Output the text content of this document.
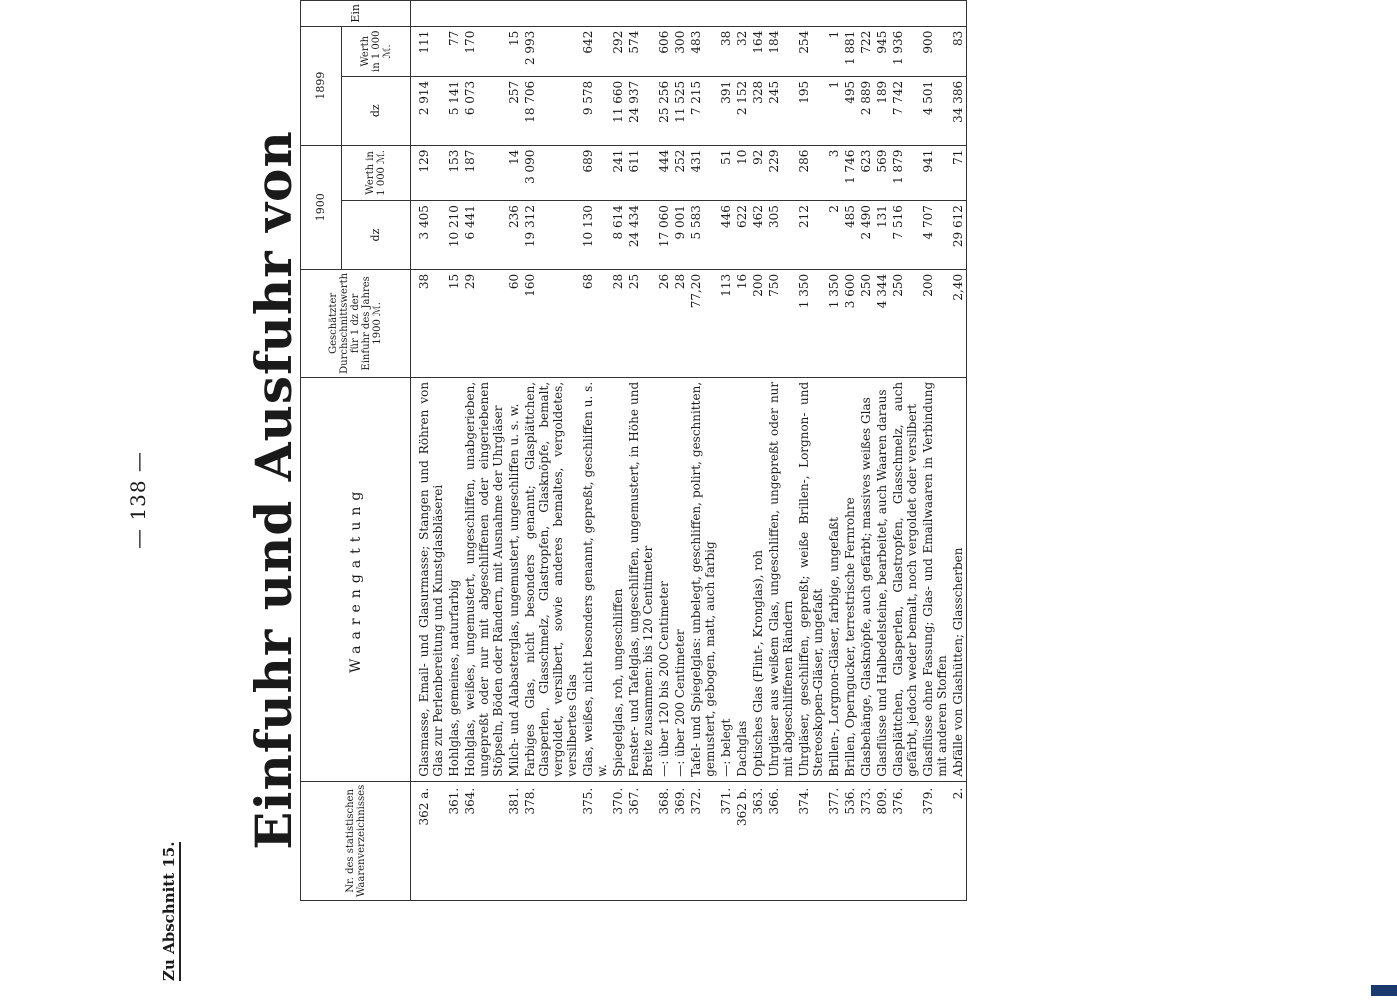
— 138 —
Zu Abschnitt 15.
Einfuhr und Ausfuhr von	Nr. des statistischen Waarenverzeichnisses	Waarengattung	Geschätzter Durchschnittswerth für 1 dz der Einfuhr des Jahres 1900 ℳ.	1900		1899		Ein
			dz	Werth in 1 000 ℳ.	dz	Werth in 1 000 ℳ.	

362 a.	Glasmasse, Email- und Glasurmasse; Stangen und Röhren von Glas zur Perlenbereitung und Kunstglasbläserei	38	3 405	129	2 914	111	
361.	Hohlglas, gemeines, naturfarbig	15	10 210	153	5 141	77	
364.	Hohlglas, weißes, ungemustert, ungeschliffen, unabgerieben, ungepreßt oder nur mit abgeschliffenen oder eingeriebenen Stöpseln, Böden oder Rändern, mit Ausnahme der Uhrgläser	29	6 441	187	6 073	170	
381.	Milch- und Alabasterglas, ungemustert, ungeschliffen u. s. w.	60	236	14	257	15	
378.	Farbiges Glas, nicht besonders genannt; Glasplättchen, Glasperlen, Glasschmelz, Glastropfen, Glasknöpfe, bemalt, vergoldet, versilbert, sowie anderes bemaltes, vergoldetes, versilbertes Glas	160	19 312	3 090	18 706	2 993	
375.	Glas, weißes, nicht besonders genannt, gepreßt, geschliffen u. s. w.	68	10 130	689	9 578	642	
370.	Spiegelglas, roh, ungeschliffen	28	8 614	241	11 660	292	
367.	Fenster- und Tafelglas, ungeschliffen, ungemustert, in Höhe und Breite zusammen: bis 120 Centimeter	25	24 434	611	24 937	574	
368.	—: über 120 bis 200 Centimeter	26	17 060	444	25 256	606	
369.	—: über 200 Centimeter	28	9 001	252	11 525	300	
372.	Tafel- und Spiegelglas: unbelegt, geschliffen, polirt, geschnitten, gemustert, gebogen, matt, auch farbig	77,20	5 583	431	7 215	483	
371.	—: belegt	113	446	51	391	38	
362 b.	Dachglas	16	622	10	2 152	32	
363.	Optisches Glas (Flint-, Kronglas), roh	200	462	92	328	164	
366.	Uhrgläser aus weißem Glas, ungeschliffen, ungepreßt oder nur mit abgeschliffenen Rändern	750	305	229	245	184	
374.	Uhrgläser, geschliffen, gepreßt; weiße Brillen-, Lorgnon- und Stereoskopen-Gläser, ungefaßt	1 350	212	286	195	254	
377.	Brillen-, Lorgnon-Gläser, farbige, ungefaßt	1 350	2	3	1	1	
536.	Brillen, Operngucker, terrestrische Fernrohre	3 600	485	1 746	495	1 881	
373.	Glasbehänge, Glasknöpfe, auch gefärbt; massives weißes Glas	250	2 490	623	2 889	722	
809.	Glasflüsse und Halbedelsteine, bearbeitet, auch Waaren daraus	4 344	131	569	189	945	
376.	Glasplättchen, Glasperlen, Glastropfen, Glasschmelz, auch gefärbt, jedoch weder bemalt, noch vergoldet oder versilbert	250	7 516	1 879	7 742	1 936	
379.	Glasflüsse ohne Fassung; Glas- und Emailwaaren in Verbindung mit anderen Stoffen	200	4 707	941	4 501	900	
2.	Abfälle von Glashütten; Glasscherben	2,40	29 612	71	34 386	83	
